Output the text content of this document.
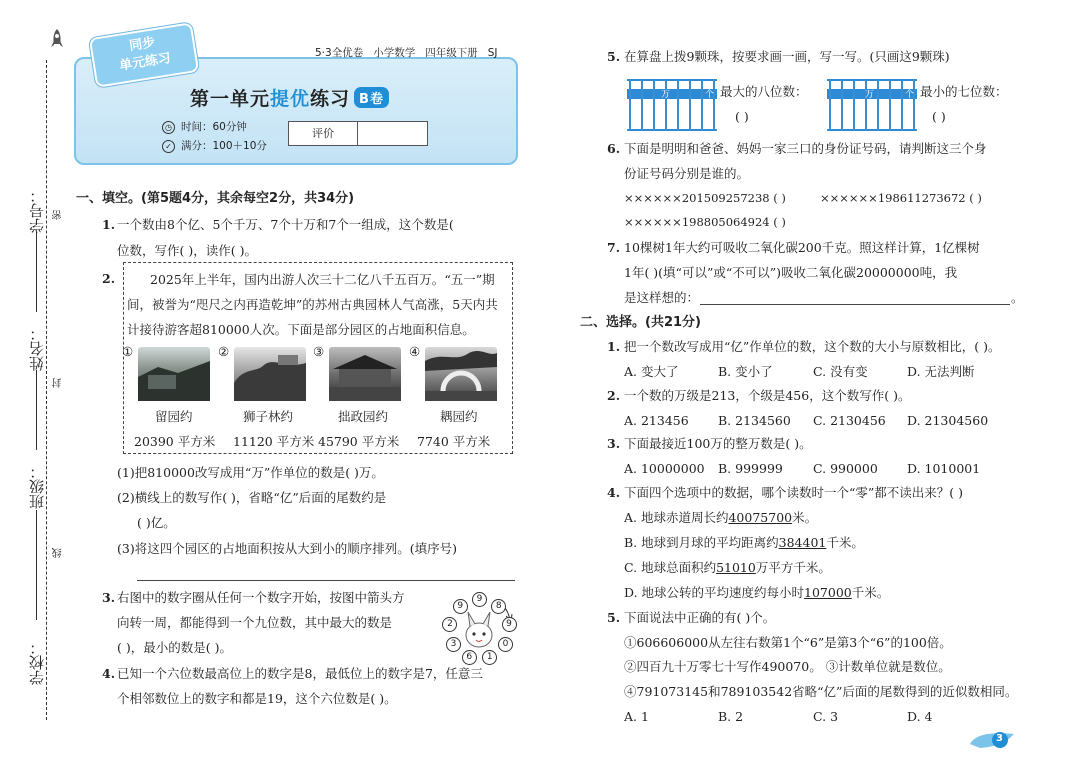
学号：
姓名：
班级：
学校：
密
封
线
5·3全优卷 小学数学 四年级下册 SJ
同步
单元练习
第一单元提优练习 B卷
◷ 时间：60分钟
✓ 满分：100＋10分
评价
一、填空。(第5题4分，其余每空2分，共34分)
1. 一个数由8个亿、5个千万、7个十万和7个一组成，这个数是(
位数，写作( )，读作( )。
2.	2025年上半年，国内出游人次三十二亿八千五百万。“五一”期
间，被誉为“咫尺之内再造乾坤”的苏州古典园林人气高涨，5天内共
计接待游客超810000人次。下面是部分园区的占地面积信息。
①	②	③	④
留园约	狮子林约	拙政园约	耦园约
20390 平方米 11120 平方米 45790 平方米 7740 平方米
(1)把810000改写成用“万”作单位的数是( )万。
(2)横线上的数写作( )，省略“亿”后面的尾数约是
( )亿。
(3)将这四个园区的占地面积按从大到小的顺序排列。(填序号)
3. 右图中的数字圈从任何一个数字开始，按图中箭头方
向转一周，都能得到一个九位数，其中最大的数是
( )，最小的数是( )。
9
8
9
0
1
6
3
2
9
4. 已知一个六位数最高位上的数字是8，最低位上的数字是7，任意三
个相邻数位上的数字和都是19，这个六位数是( )。
5. 在算盘上拨9颗珠，按要求画一画，写一写。(只画这9颗珠)
万	个 最大的八位数：
( )
万	个 最小的七位数：
( )
6. 下面是明明和爸爸、妈妈一家三口的身份证号码，请判断这三个身
份证号码分别是谁的。
××××××201509257238 ( )	××××××19861127367​2 ( )
××××××198805064924 ( )
7. 10棵树1年大约可吸收二氧化碳200千克。照这样计算，1亿棵树
1年( )(填“可以”或“不可以”)吸收二氧化碳20000000吨，我
是这样想的：	。
二、选择。(共21分)
1. 把一个数改写成用“亿”作单位的数，这个数的大小与原数相比，( )。
A. 变大了	B. 变小了	C. 没有变	D. 无法判断
2. 一个数的万级是213，个级是456，这个数写作( )。
A. 213456 B. 2134560 C. 2130456 D. 21304560
3. 下面最接近100万的整万数是( )。
A. 10000000 B. 999999 C. 990000 D. 1010001
4. 下面四个选项中的数据，哪个读数时一个“零”都不读出来？( )
A. 地球赤道周长约40075700米。
B. 地球到月球的平均距离约384401千米。
C. 地球总面积约51010万平方千米。
D. 地球公转的平均速度约每小时107000千米。
5. 下面说法中正确的有( )个。
①606606000从左往右数第1个“6”是第3个“6”的100倍。
②四百九十万零七十写作490070。 ③计数单位就是数位。
④791073145和789103542省略“亿”后面的尾数得到的近似数相同。
A. 1	B. 2	C. 3	D. 4
3
